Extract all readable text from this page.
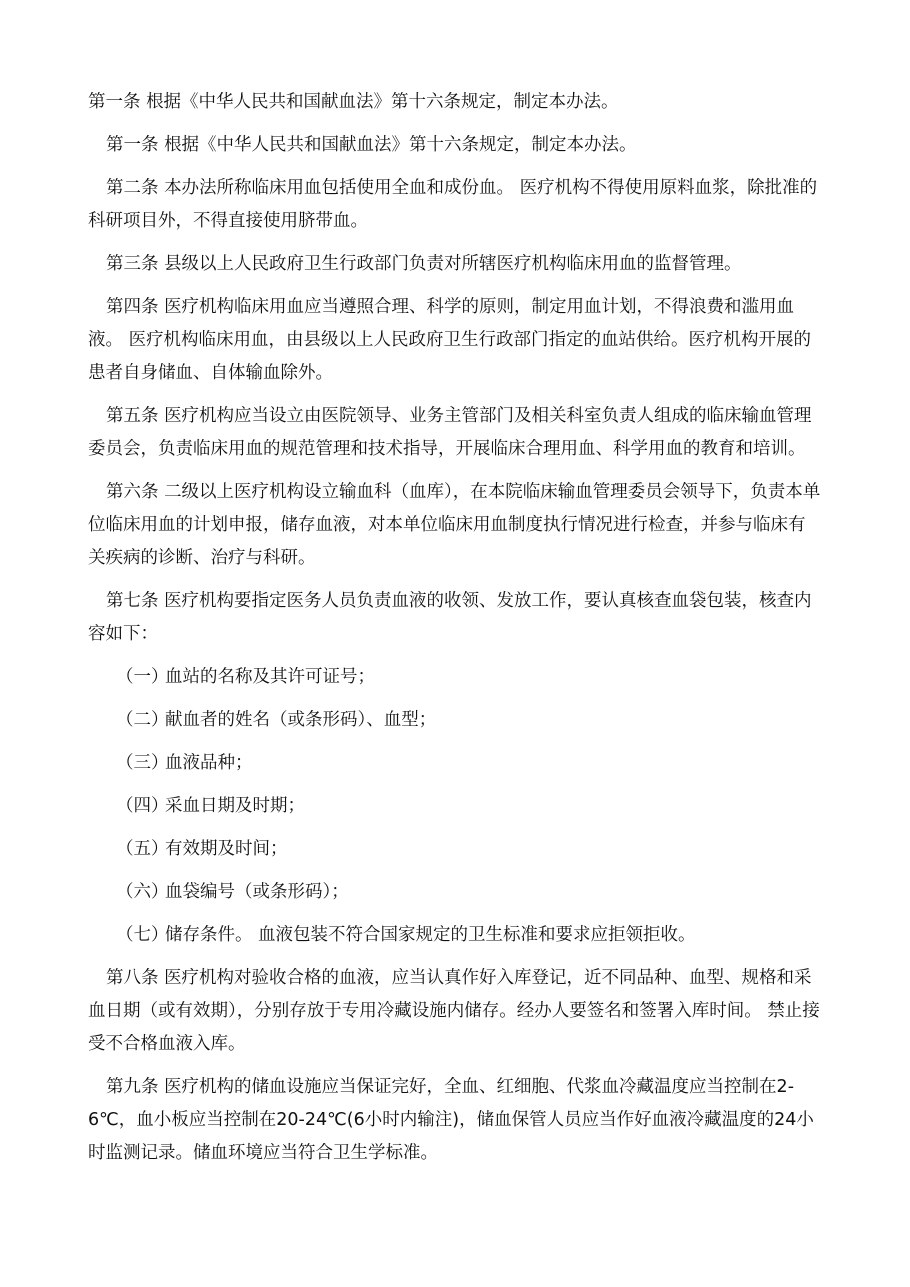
第一条 根据《中华人民共和国献血法》第十六条规定，制定本办法。

第一条 根据《中华人民共和国献血法》第十六条规定，制定本办法。

第二条 本办法所称临床用血包括使用全血和成份血。 医疗机构不得使用原料血浆，除批准的科研项目外，不得直接使用脐带血。

第三条 县级以上人民政府卫生行政部门负责对所辖医疗机构临床用血的监督管理。

第四条 医疗机构临床用血应当遵照合理、科学的原则，制定用血计划，不得浪费和滥用血液。 医疗机构临床用血，由县级以上人民政府卫生行政部门指定的血站供给。医疗机构开展的患者自身储血、自体输血除外。

第五条 医疗机构应当设立由医院领导、业务主管部门及相关科室负责人组成的临床输血管理委员会，负责临床用血的规范管理和技术指导，开展临床合理用血、科学用血的教育和培训。

第六条 二级以上医疗机构设立输血科（血库），在本院临床输血管理委员会领导下，负责本单位临床用血的计划申报，储存血液，对本单位临床用血制度执行情况进行检查，并参与临床有关疾病的诊断、治疗与科研。

第七条 医疗机构要指定医务人员负责血液的收领、发放工作，要认真核查血袋包装，核查内容如下：

（一）血站的名称及其许可证号；

（二）献血者的姓名（或条形码）、血型；

（三）血液品种；

（四）采血日期及时期；

（五）有效期及时间；

（六）血袋编号（或条形码）；

（七）储存条件。 血液包装不符合国家规定的卫生标准和要求应拒领拒收。

第八条 医疗机构对验收合格的血液，应当认真作好入库登记，近不同品种、血型、规格和采血日期（或有效期），分别存放于专用冷藏设施内储存。经办人要签名和签署入库时间。 禁止接受不合格血液入库。

第九条 医疗机构的储血设施应当保证完好，全血、红细胞、代浆血冷藏温度应当控制在2-6℃，血小板应当控制在20-24℃(6小时内输注)，储血保管人员应当作好血液冷藏温度的24小时监测记录。储血环境应当符合卫生学标准。
